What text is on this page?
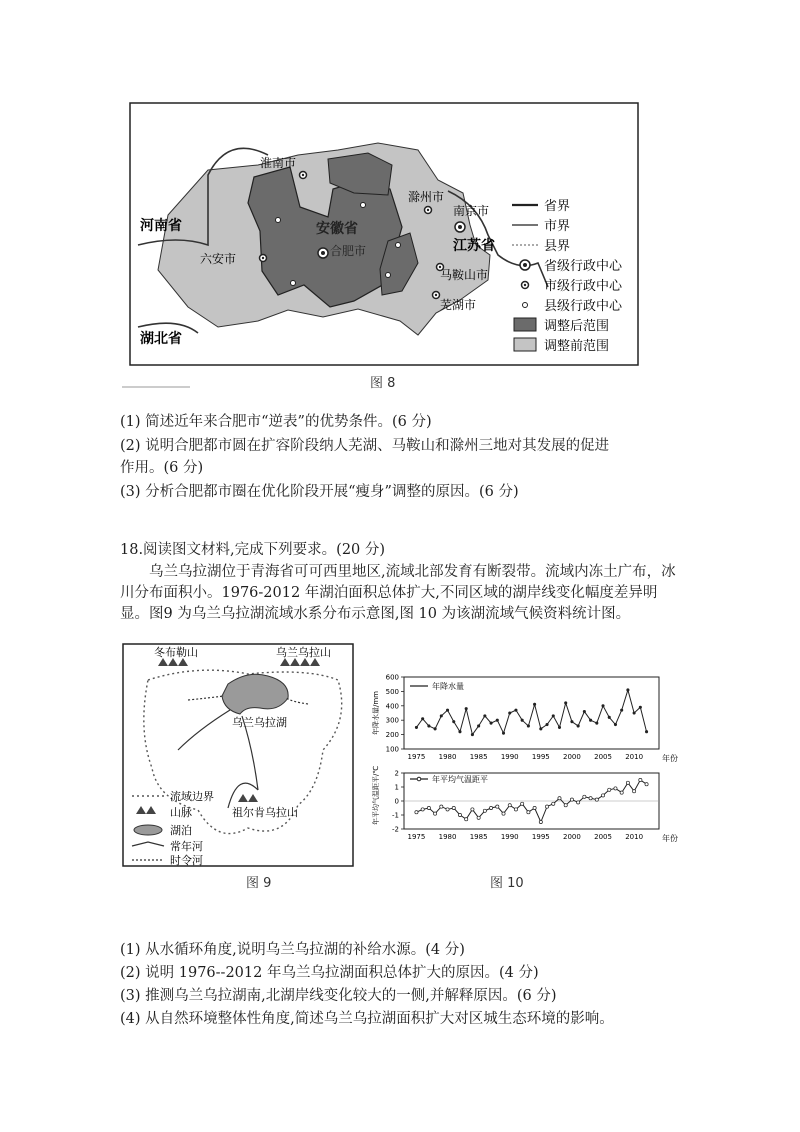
河南省
湖北省
江苏省
安徽省
合肥市
淮南市
滁州市
南京市
六安市
马鞍山市
芜湖市
省界
市界
县界
省级行政中心
市级行政中心
县级行政中心
调整后范围
调整前范围
图 8
(1) 简述近年来合肥市“逆表”的优势条件。(6 分)
(2) 说明合肥都市圆在扩容阶段纳人芜湖、马鞍山和滁州三地对其发展的促进
作用。(6 分)
(3) 分析合肥都市圈在优化阶段开展“瘦身”调整的原因。(6 分)
18.阅读图文材料,完成下列要求。(20 分)
乌兰乌拉湖位于青海省可可西里地区,流域北部发育有断裂带。流域内冻土广布，冰川分布面积小。1976-2012 年湖泊面积总体扩大,不同区域的湖岸线变化幅度差异明显。图9 为乌兰乌拉湖流域水系分布示意图,图 10 为该湖流域气候资料统计图。
冬布勒山	乌兰乌拉山
乌兰乌拉湖
祖尔肯乌拉山
流域边界
山脉
湖泊
常年河
时令河
图 9
年降水量
年平均气温距平
年降水量/mm
年平均气温距平/℃
年份
年份
100
200
300
400
500
600
1975 1980 1985 1990 1995 2000 2005 2010
-2
-1
0
1
2
1975 1980 1985 1990 1995 2000 2005 2010
图 10
(1) 从水循环角度,说明乌兰乌拉湖的补给水源。(4 分)
(2) 说明 1976--2012 年乌兰乌拉湖面积总体扩大的原因。(4 分)
(3) 推测乌兰乌拉湖南,北湖岸线变化较大的一侧,并解释原因。(6 分)
(4) 从自然环境整体性角度,简述乌兰乌拉湖面积扩大对区城生态环境的影响。
